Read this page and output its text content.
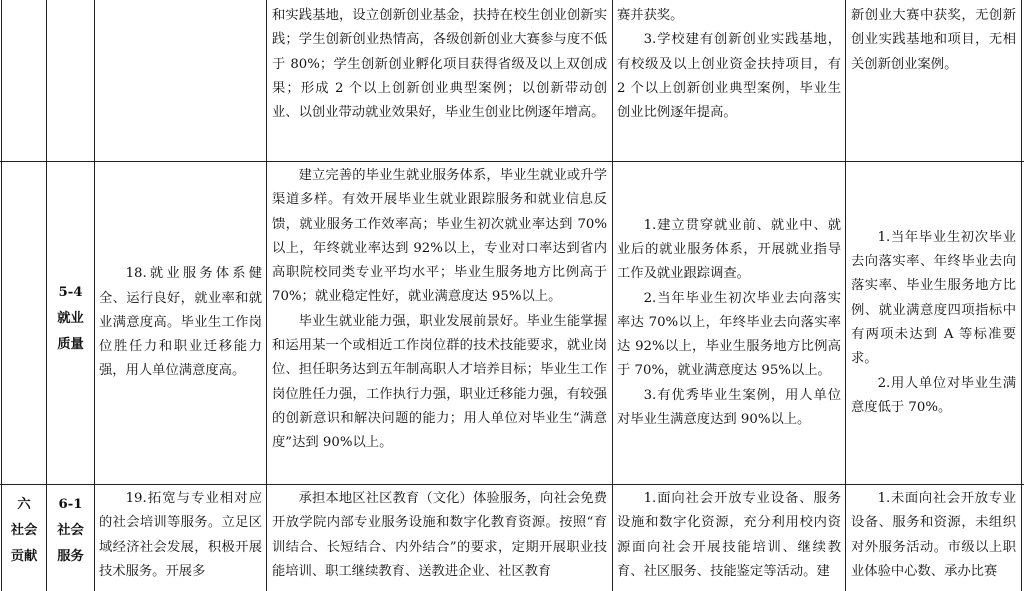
和实践基地，设立创新创业基金，扶持在校生创业创新实践；学生创新创业热情高，各级创新创业大赛参与度不低于 80%；学生创新创业孵化项目获得省级及以上双创成果；形成 2 个以上创新创业典型案例；以创新带动创业、以创业带动就业效果好，毕业生创业比例逐年增高。

赛并获奖。

3.学校建有创新创业实践基地，有校级及以上创业资金扶持项目，有 2 个以上创新创业典型案例，毕业生创业比例逐年提高。

新创业大赛中获奖，无创新创业实践基地和项目，无相关创新创业案例。

5-4
就业
质量

18.就业服务体系健全、运行良好，就业率和就业满意度高。毕业生工作岗位胜任力和职业迁移能力强，用人单位满意度高。

建立完善的毕业生就业服务体系，毕业生就业或升学渠道多样。有效开展毕业生就业跟踪服务和就业信息反馈，就业服务工作效率高；毕业生初次就业率达到 70%以上，年终就业率达到 92%以上，专业对口率达到省内高职院校同类专业平均水平；毕业生服务地方比例高于 70%；就业稳定性好，就业满意度达 95%以上。

毕业生就业能力强，职业发展前景好。毕业生能掌握和运用某一个或相近工作岗位群的技术技能要求，就业岗位、担任职务达到五年制高职人才培养目标；毕业生工作岗位胜任力强，工作执行力强，职业迁移能力强，有较强的创新意识和解决问题的能力；用人单位对毕业生“满意度”达到 90%以上。

1.建立贯穿就业前、就业中、就业后的就业服务体系，开展就业指导工作及就业跟踪调查。

2.当年毕业生初次毕业去向落实率达 70%以上，年终毕业去向落实率达 92%以上，毕业生服务地方比例高于 70%，就业满意度达 95%以上。

3.有优秀毕业生案例，用人单位对毕业生满意度达到 90%以上。

1.当年毕业生初次毕业去向落实率、年终毕业去向落实率、毕业生服务地方比例、就业满意度四项指标中有两项未达到 A 等标准要求。

2.用人单位对毕业生满意度低于 70%。

六
社会
贡献
6-1
社会
服务

19.拓宽与专业相对应的社会培训等服务。立足区域经济社会发展，积极开展技术服务。开展多

承担本地区社区教育（文化）体验服务，向社会免费开放学院内部专业服务设施和数字化教育资源。按照“育训结合、长短结合、内外结合”的要求，定期开展职业技能培训、职工继续教育、送教进企业、社区教育

1.面向社会开放专业设备、服务设施和数字化资源，充分利用校内资源面向社会开展技能培训、继续教育、社区服务、技能鉴定等活动。建

1.未面向社会开放专业设备、服务和资源，未组织对外服务活动。市级以上职业体验中心数、承办比赛
